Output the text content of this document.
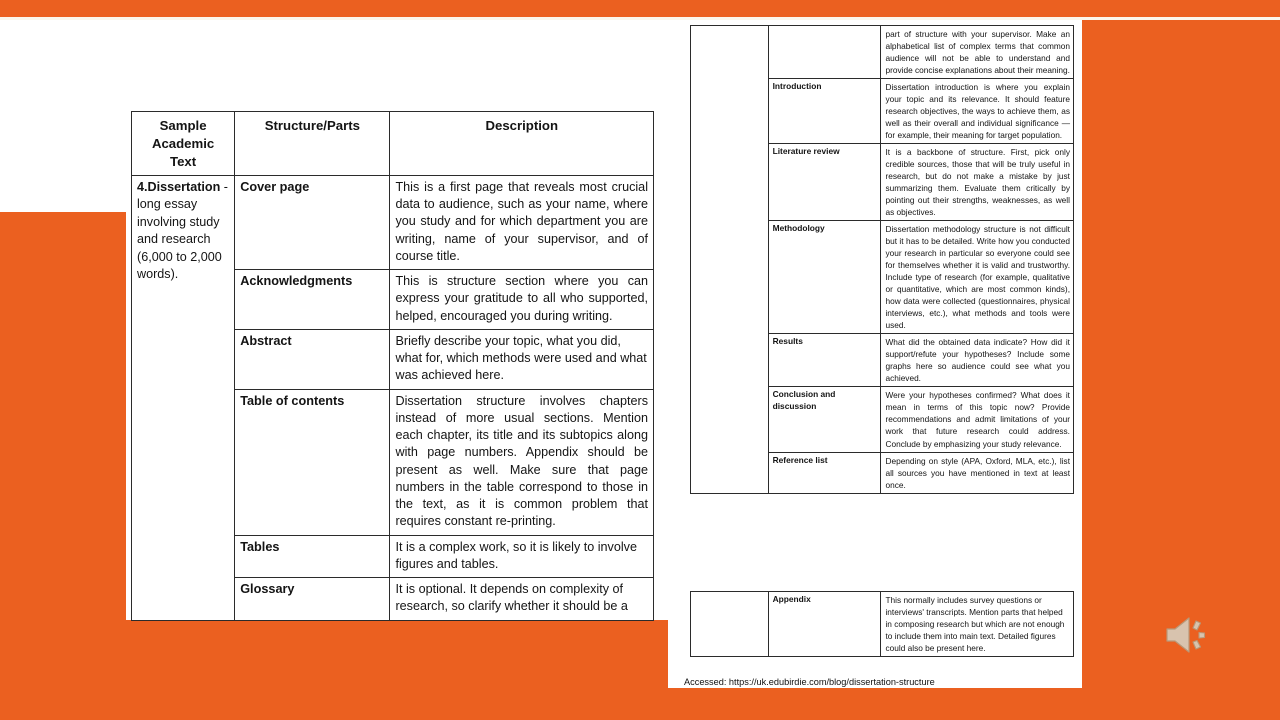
Sample
Academic
Text	Structure/Parts	Description
4.Dissertation - long essay involving study and research (6,000 to 2,000 words).	Cover page	This is a first page that reveals most crucial data to audience, such as your name, where you study and for which department you are writing, name of your supervisor, and of course title.
	Acknowledgments	This is structure section where you can express your gratitude to all who supported, helped, encouraged you during writing.
	Abstract	Briefly describe your topic, what you did, what for, which methods were used and what was achieved here.
	Table of contents	Dissertation structure involves chapters instead of more usual sections. Mention each chapter, its title and its subtopics along with page numbers. Appendix should be present as well. Make sure that page numbers in the table correspond to those in the text, as it is common problem that requires constant re-printing.
	Tables	It is a complex work, so it is likely to involve figures and tables.
	Glossary	It is optional. It depends on complexity of research, so clarify whether it should be a
		part of structure with your supervisor. Make an alphabetical list of complex terms that common audience will not be able to understand and provide concise explanations about their meaning.
	Introduction	Dissertation introduction is where you explain your topic and its relevance. It should feature research objectives, the ways to achieve them, as well as their overall and individual significance — for example, their meaning for target population.
	Literature review	It is a backbone of structure. First, pick only credible sources, those that will be truly useful in research, but do not make a mistake by just summarizing them. Evaluate them critically by pointing out their strengths, weaknesses, as well as objectives.
	Methodology	Dissertation methodology structure is not difficult but it has to be detailed. Write how you conducted your research in particular so everyone could see for themselves whether it is valid and trustworthy. Include type of research (for example, qualitative or quantitative, which are most common kinds), how data were collected (questionnaires, physical interviews, etc.), what methods and tools were used.
	Results	What did the obtained data indicate? How did it support/refute your hypotheses? Include some graphs here so audience could see what you achieved.
	Conclusion and discussion	Were your hypotheses confirmed? What does it mean in terms of this topic now? Provide recommendations and admit limitations of your work that future research could address. Conclude by emphasizing your study relevance.
	Reference list	Depending on style (APA, Oxford, MLA, etc.), list all sources you have mentioned in text at least once.
	Appendix	This normally includes survey questions or interviews' transcripts. Mention parts that helped in composing research but which are not enough to include them into main text. Detailed figures could also be present here.
Accessed: https://uk.edubirdie.com/blog/dissertation-structure
